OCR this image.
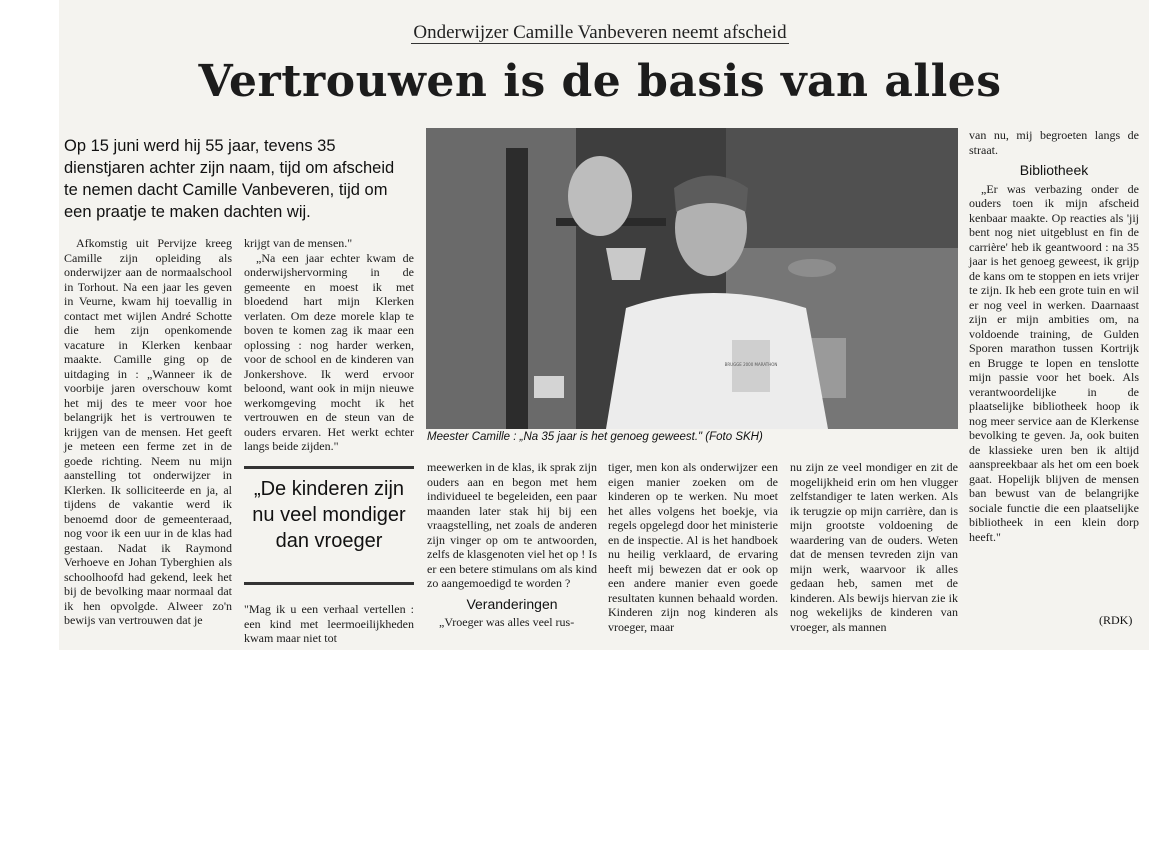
Onderwijzer Camille Vanbeveren neemt afscheid
Vertrouwen is de basis van alles
Op 15 juni werd hij 55 jaar, tevens 35 dienstjaren achter zijn naam, tijd om afscheid te nemen dacht Camille Vanbeveren, tijd om een praatje te maken dachten wij.

Afkomstig uit Pervijze kreeg Camille zijn opleiding als onderwijzer aan de normaalschool in Torhout. Na een jaar les geven in Veurne, kwam hij toevallig in contact met wijlen André Schotte die hem zijn openkomende vacature in Klerken kenbaar maakte. Camille ging op de uitdaging in : „Wanneer ik de voorbije jaren overschouw komt het mij des te meer voor hoe belangrijk het is vertrouwen te krijgen van de mensen. Het geeft je meteen een ferme zet in de goede richting. Neem nu mijn aanstelling tot onderwijzer in Klerken. Ik solliciteerde en ja, al tijdens de vakantie werd ik benoemd door de gemeenteraad, nog voor ik een uur in de klas had gestaan. Nadat ik Raymond Verhoeve en Johan Tyberghien als schoolhoofd had gekend, leek het bij de bevolking maar normaal dat ik hen opvolgde. Alweer zo'n bewijs van vertrouwen dat je

krijgt van de mensen."

„Na een jaar echter kwam de onderwijshervorming in de gemeente en moest ik met bloedend hart mijn Klerken verlaten. Om deze morele klap te boven te komen zag ik maar een oplossing : nog harder werken, voor de school en de kinderen van Jonkershove. Ik werd ervoor beloond, want ook in mijn nieuwe werkomgeving mocht ik het vertrouwen en de steun van de ouders ervaren. Het werkt echter langs beide zijden."

„De kinderen zijn nu veel mondiger dan vroeger

"Mag ik u een verhaal vertellen : een kind met leermoeilijkheden kwam maar niet tot

BRUGGE 2000 MARATHON
Meester Camille : „Na 35 jaar is het genoeg geweest." (Foto SKH)

meewerken in de klas, ik sprak zijn ouders aan en begon met hem individueel te begeleiden, een paar maanden later stak hij bij een vraagstelling, net zoals de anderen zijn vinger op om te antwoorden, zelfs de klasgenoten viel het op ! Is er een betere stimulans om als kind zo aangemoedigd te worden ?

Veranderingen

„Vroeger was alles veel rus-

tiger, men kon als onderwijzer een eigen manier zoeken om de kinderen op te werken. Nu moet het alles volgens het boekje, via regels opgelegd door het ministerie en de inspectie. Al is het handboek nu heilig verklaard, de ervaring heeft mij bewezen dat er ook op een andere manier even goede resultaten kunnen behaald worden. Kinderen zijn nog kinderen als vroeger, maar

nu zijn ze veel mondiger en zit de mogelijkheid erin om hen vlugger zelfstandiger te laten werken. Als ik terugzie op mijn carrière, dan is mijn grootste voldoening de waardering van de ouders. Weten dat de mensen tevreden zijn van mijn werk, waarvoor ik alles gedaan heb, samen met de kinderen. Als bewijs hiervan zie ik nog wekelijks de kinderen van vroeger, als mannen

van nu, mij begroeten langs de straat.

Bibliotheek

„Er was verbazing onder de ouders toen ik mijn afscheid kenbaar maakte. Op reacties als 'jij bent nog niet uitgeblust en fin de carrière' heb ik geantwoord : na 35 jaar is het genoeg geweest, ik grijp de kans om te stoppen en iets vrijer te zijn. Ik heb een grote tuin en wil er nog veel in werken. Daarnaast zijn er mijn ambities om, na voldoende training, de Gulden Sporen marathon tussen Kortrijk en Brugge te lopen en tenslotte mijn passie voor het boek. Als verantwoordelijke in de plaatselijke bibliotheek hoop ik nog meer service aan de Klerkense bevolking te geven. Ja, ook buiten de klassieke uren ben ik altijd aanspreekbaar als het om een boek gaat. Hopelijk blijven de mensen ban bewust van de belangrijke sociale functie die een plaatselijke bibliotheek in een klein dorp heeft."

(RDK)
